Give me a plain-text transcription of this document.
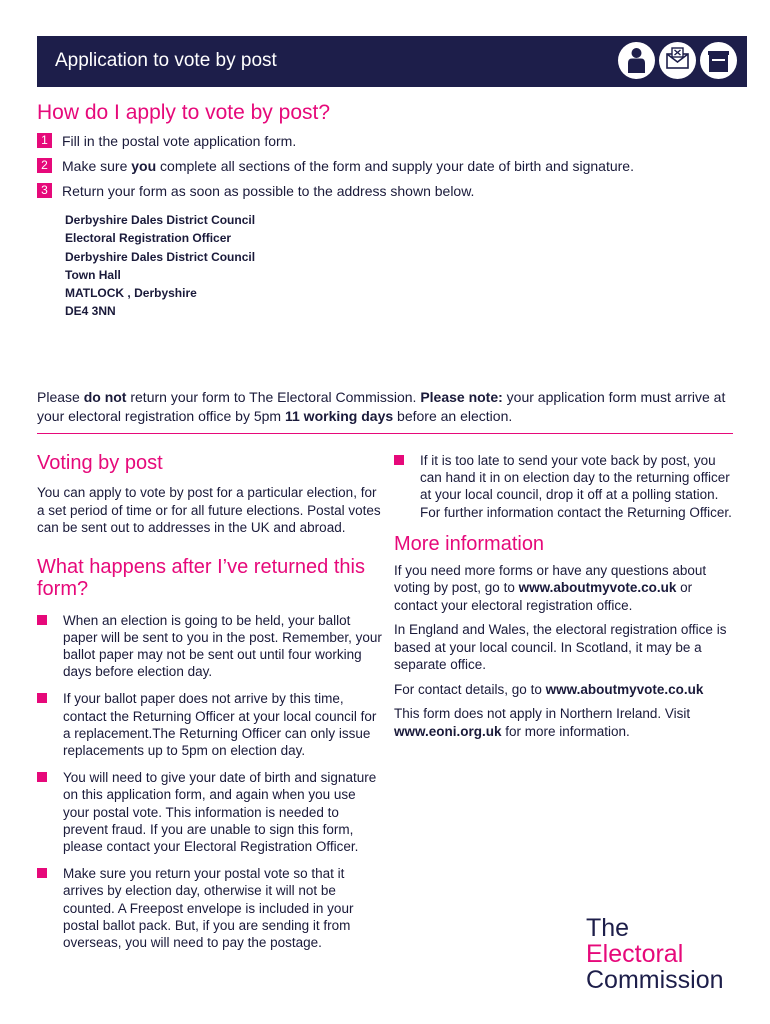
Application to vote by post
How do I apply to vote by post?
1 Fill in the postal vote application form.
2 Make sure you complete all sections of the form and supply your date of birth and signature.
3 Return your form as soon as possible to the address shown below.
Derbyshire Dales District Council
Electoral Registration Officer
Derbyshire Dales District Council
Town Hall
MATLOCK , Derbyshire
DE4 3NN

Please do not return your form to The Electoral Commission. Please note: your application form must arrive at your electoral registration office by 5pm 11 working days before an election.

Voting by post

You can apply to vote by post for a particular election, for a set period of time or for all future elections. Postal votes can be sent out to addresses in the UK and abroad.

What happens after I’ve returned this form?
When an election is going to be held, your ballot paper will be sent to you in the post. Remember, your ballot paper may not be sent out until four working days before election day.
If your ballot paper does not arrive by this time, contact the Returning Officer at your local council for a replacement.The Returning Officer can only issue replacements up to 5pm on election day.
You will need to give your date of birth and signature on this application form, and again when you use your postal vote. This information is needed to prevent fraud. If you are unable to sign this form, please contact your Electoral Registration Officer.
Make sure you return your postal vote so that it arrives by election day, otherwise it will not be counted. A Freepost envelope is included in your postal ballot pack. But, if you are sending it from overseas, you will need to pay the postage.
If it is too late to send your vote back by post, you can hand it in on election day to the returning officer at your local council, drop it off at a polling station. For further information contact the Returning Officer.
More information

If you need more forms or have any questions about voting by post, go to www.aboutmyvote.co.uk or contact your electoral registration office.

In England and Wales, the electoral registration office is based at your local council. In Scotland, it may be a separate office.

For contact details, go to www.aboutmyvote.co.uk

This form does not apply in Northern Ireland. Visit www.eoni.org.uk for more information.

The
Electoral
Commission
